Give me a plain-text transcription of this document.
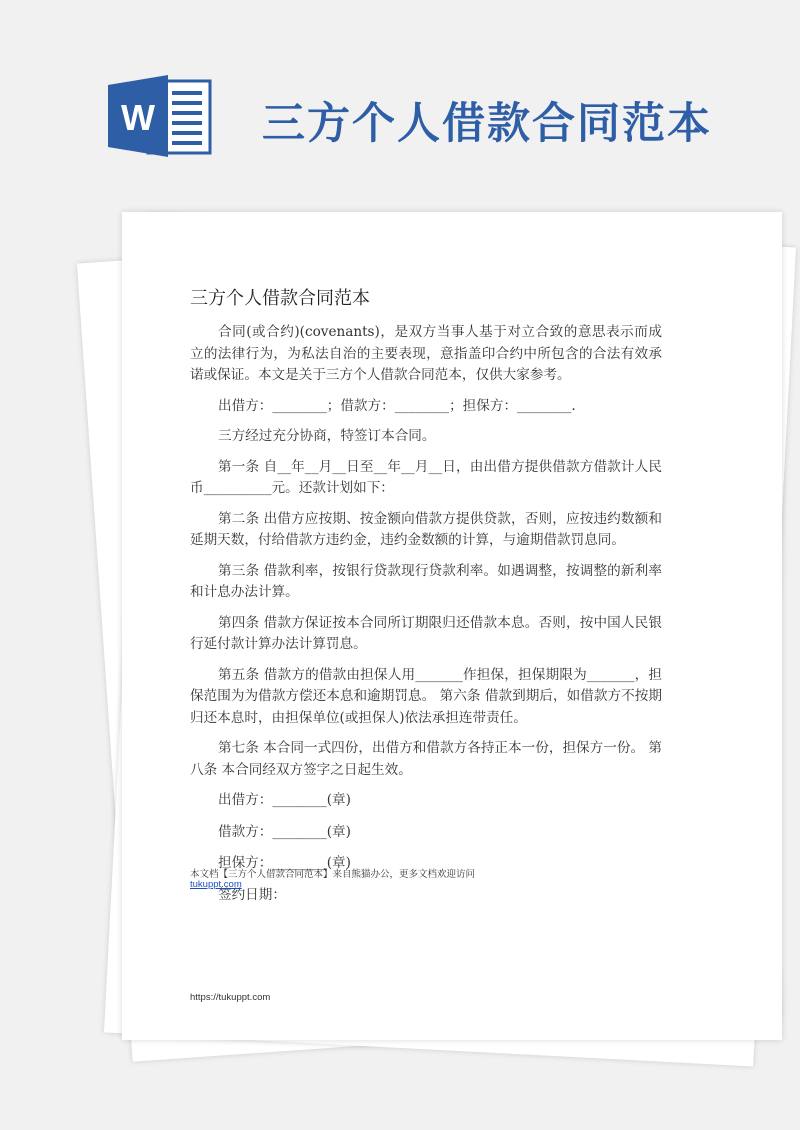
W 三方个人借款合同范本
三方个人借款合同范本

合同(或合约)(covenants)，是双方当事人基于对立合致的意思表示而成立的法律行为，为私法自治的主要表现，意指盖印合约中所包含的合法有效承诺或保证。本文是关于三方个人借款合同范本，仅供大家参考。

出借方：________；借款方：________；担保方：________.

三方经过充分协商，特签订本合同。

第一条 自__年__月__日至__年__月__日，由出借方提供借款方借款计人民币__________元。还款计划如下：

第二条 出借方应按期、按金额向借款方提供贷款，否则，应按违约数额和延期天数，付给借款方违约金，违约金数额的计算，与逾期借款罚息同。

第三条 借款利率，按银行贷款现行贷款利率。如遇调整，按调整的新利率和计息办法计算。

第四条 借款方保证按本合同所订期限归还借款本息。否则，按中国人民银行延付款计算办法计算罚息。

第五条 借款方的借款由担保人用_______作担保，担保期限为_______，担保范围为为借款方偿还本息和逾期罚息。 第六条 借款到期后，如借款方不按期归还本息时，由担保单位(或担保人)依法承担连带责任。

第七条 本合同一式四份，出借方和借款方各持正本一份，担保方一份。 第八条 本合同经双方签字之日起生效。

出借方：________(章)

借款方：________(章)

担保方：________(章)

签约日期：

本文档【三方个人借款合同范本】来自熊猫办公，更多文档欢迎访问
tukuppt.com
https://tukuppt.com
